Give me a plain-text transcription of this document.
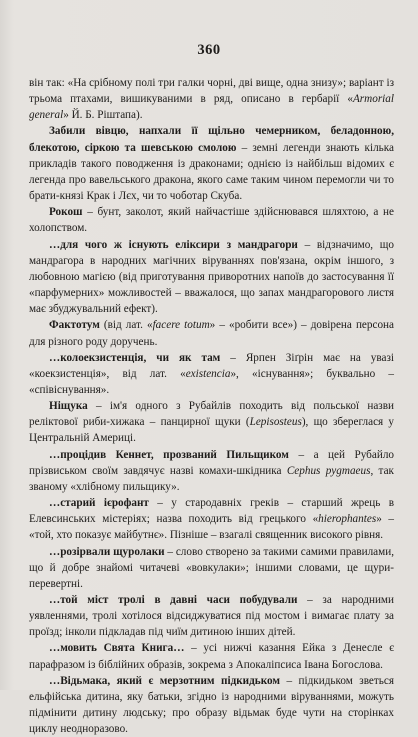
360

він так: «На срібному полі три галки чорні, дві вище, одна знизу»; варіант із трьома птахами, вишикуваними в ряд, описано в гербарії «Armorial general» Й. Б. Ріштапа).

Забили вівцю, напхали її щільно чемерником, беладонною, блекотою, сіркою та шевською смолою – земні легенди знають кілька прикладів такого поводження із драконами; однією із найбільш відомих є легенда про вавельського дракона, якого саме таким чином перемогли чи то брати-князі Крак і Лєх, чи то чоботар Скуба.

Рокош – бунт, заколот, який найчастіше здійснювався шляхтою, а не холопством.

…для чого ж існують еліксири з мандрагори – відзначимо, що мандрагора в народних магічних віруваннях пов'язана, окрім іншого, з любовною магією (від приготування приворотних напоїв до застосування її «парфумерних» можливостей – вважалося, що запах мандрагорового листя має збуджувальний ефект).

Фактотум (від лат. «facere totum» – «робити все») – довірена персона для різного роду доручень.

…колоекзистенція, чи як там – Ярпен Зіґрін має на увазі «коекзистенція», від лат. «existencia», «існування»; буквально – «співіснування».

Ніщука – ім'я одного з Рубайлів походить від польської назви реліктової риби-хижака – панцирної щуки (Lepisosteus), що збереглася у Центральній Америці.

…процідив Кеннет, прозваний Пильщиком – а цей Рубайло прізвиськом своїм завдячує назві комахи-шкідника Cephus pygmaeus, так званому «хлібному пильщику».

…старий ієрофант – у стародавніх греків – старший жрець в Елевсинських містеріях; назва походить від грецького «hierophantes» – «той, хто показує майбутнє». Пізніше – взагалі священник високого рівня.

…розірвали щуролаки – слово створено за такими самими правилами, що й добре знайомі читачеві «вовкулаки»; іншими словами, це щури-перевертні.

…той міст тролі в давні часи побудували – за народними уявленнями, тролі хотілося відсиджуватися під мостом і вимагає плату за проїзд; інколи підкладав під чиїм дитиною інших дітей.

…мовить Свята Книга… – усі нижчі казання Ейка з Денесле є парафразом із біблійних образів, зокрема з Апокаліпсиса Івана Богослова.

…Відьмака, який є мерзотним підкидьком – підкидьком зветься ельфійська дитина, яку батьки, згідно із народними віруваннями, можуть підмінити дитину людську; про образу відьмак буде чути на сторінках циклу неодноразово.
